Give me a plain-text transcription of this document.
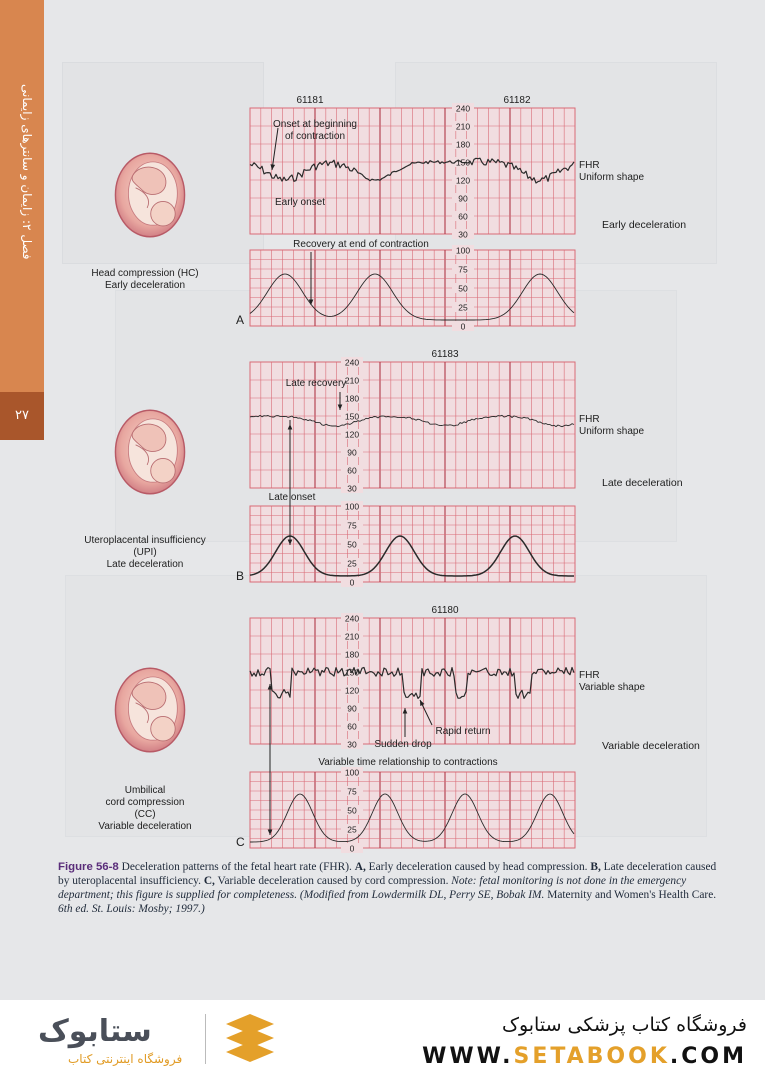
فصل ۲: زایمان و سانترهای زایمانی
۲۷
240
210
180
150
120
90
60
30
100
75
50
25
0
61181	61182
FHR
Uniform shape
Early deceleration
A
Head compression (HC)
Early deceleration
240
210
180
150
120
90
60
30
100
75
50
25
0
61183
FHR
Uniform shape
Late deceleration
B
Uteroplacental insufficiency
(UPI)
Late deceleration
240
210
180
150
120
90
60
30
100
75
50
25
0
61180
FHR
Variable shape
Variable deceleration
C
Umbilical
cord compression
(CC)
Variable deceleration
Onset at beginning
of contraction
Early onset
Recovery at end of contraction
Late recovery
Late onset
Sudden drop
Rapid return
Variable time relationship to contractions
Figure 56-8 Deceleration patterns of the fetal heart rate (FHR). A, Early deceleration caused by head compression. B, Late deceleration caused by uteroplacental insufficiency. C, Variable deceleration caused by cord compression. Note: fetal monitoring is not done in the emergency department; this figure is supplied for completeness. (Modified from Lowdermilk DL, Perry SE, Bobak IM. Maternity and Women's Health Care. 6th ed. St. Louis: Mosby; 1997.)
ستابوک
فروشگاه اینترنتی کتاب
فروشگاه کتاب پزشکی ستابوک
WWW.SETABOOK.COM
